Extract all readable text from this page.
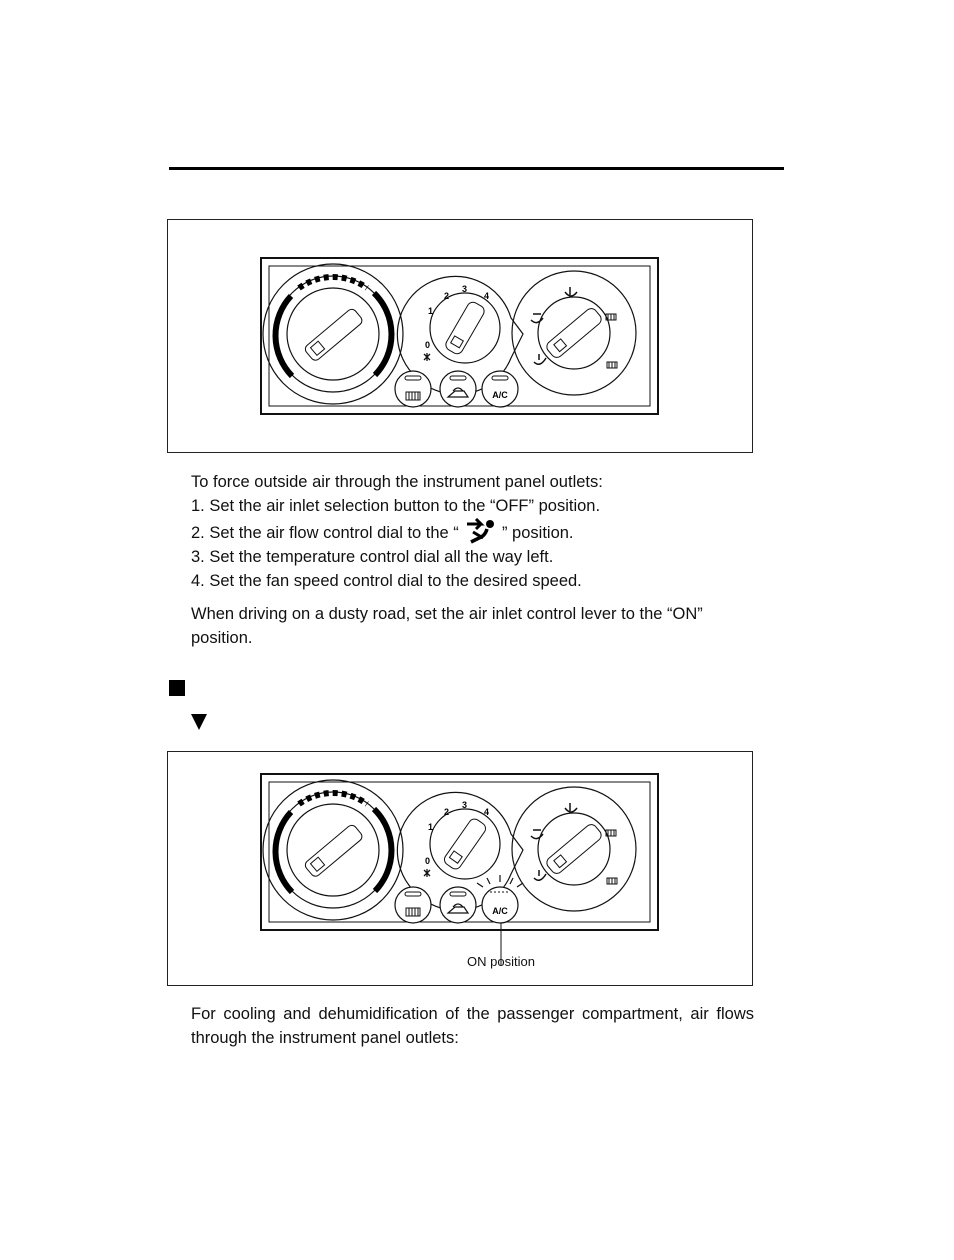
0
1
2
3
4
A/C

To force outside air through the instrument panel outlets:

1. Set the air inlet selection button to the “OFF” position.
2. Set the air flow control dial to the “  ” position.
3. Set the temperature control dial all the way left.
4. Set the fan speed control dial to the desired speed.

When driving on a dusty road, set the air inlet control lever to the “ON” position.

0
1
2
3
4
A/C
ON position

For cooling and dehumidification of the passenger compartment, air flows through the instrument panel outlets:
